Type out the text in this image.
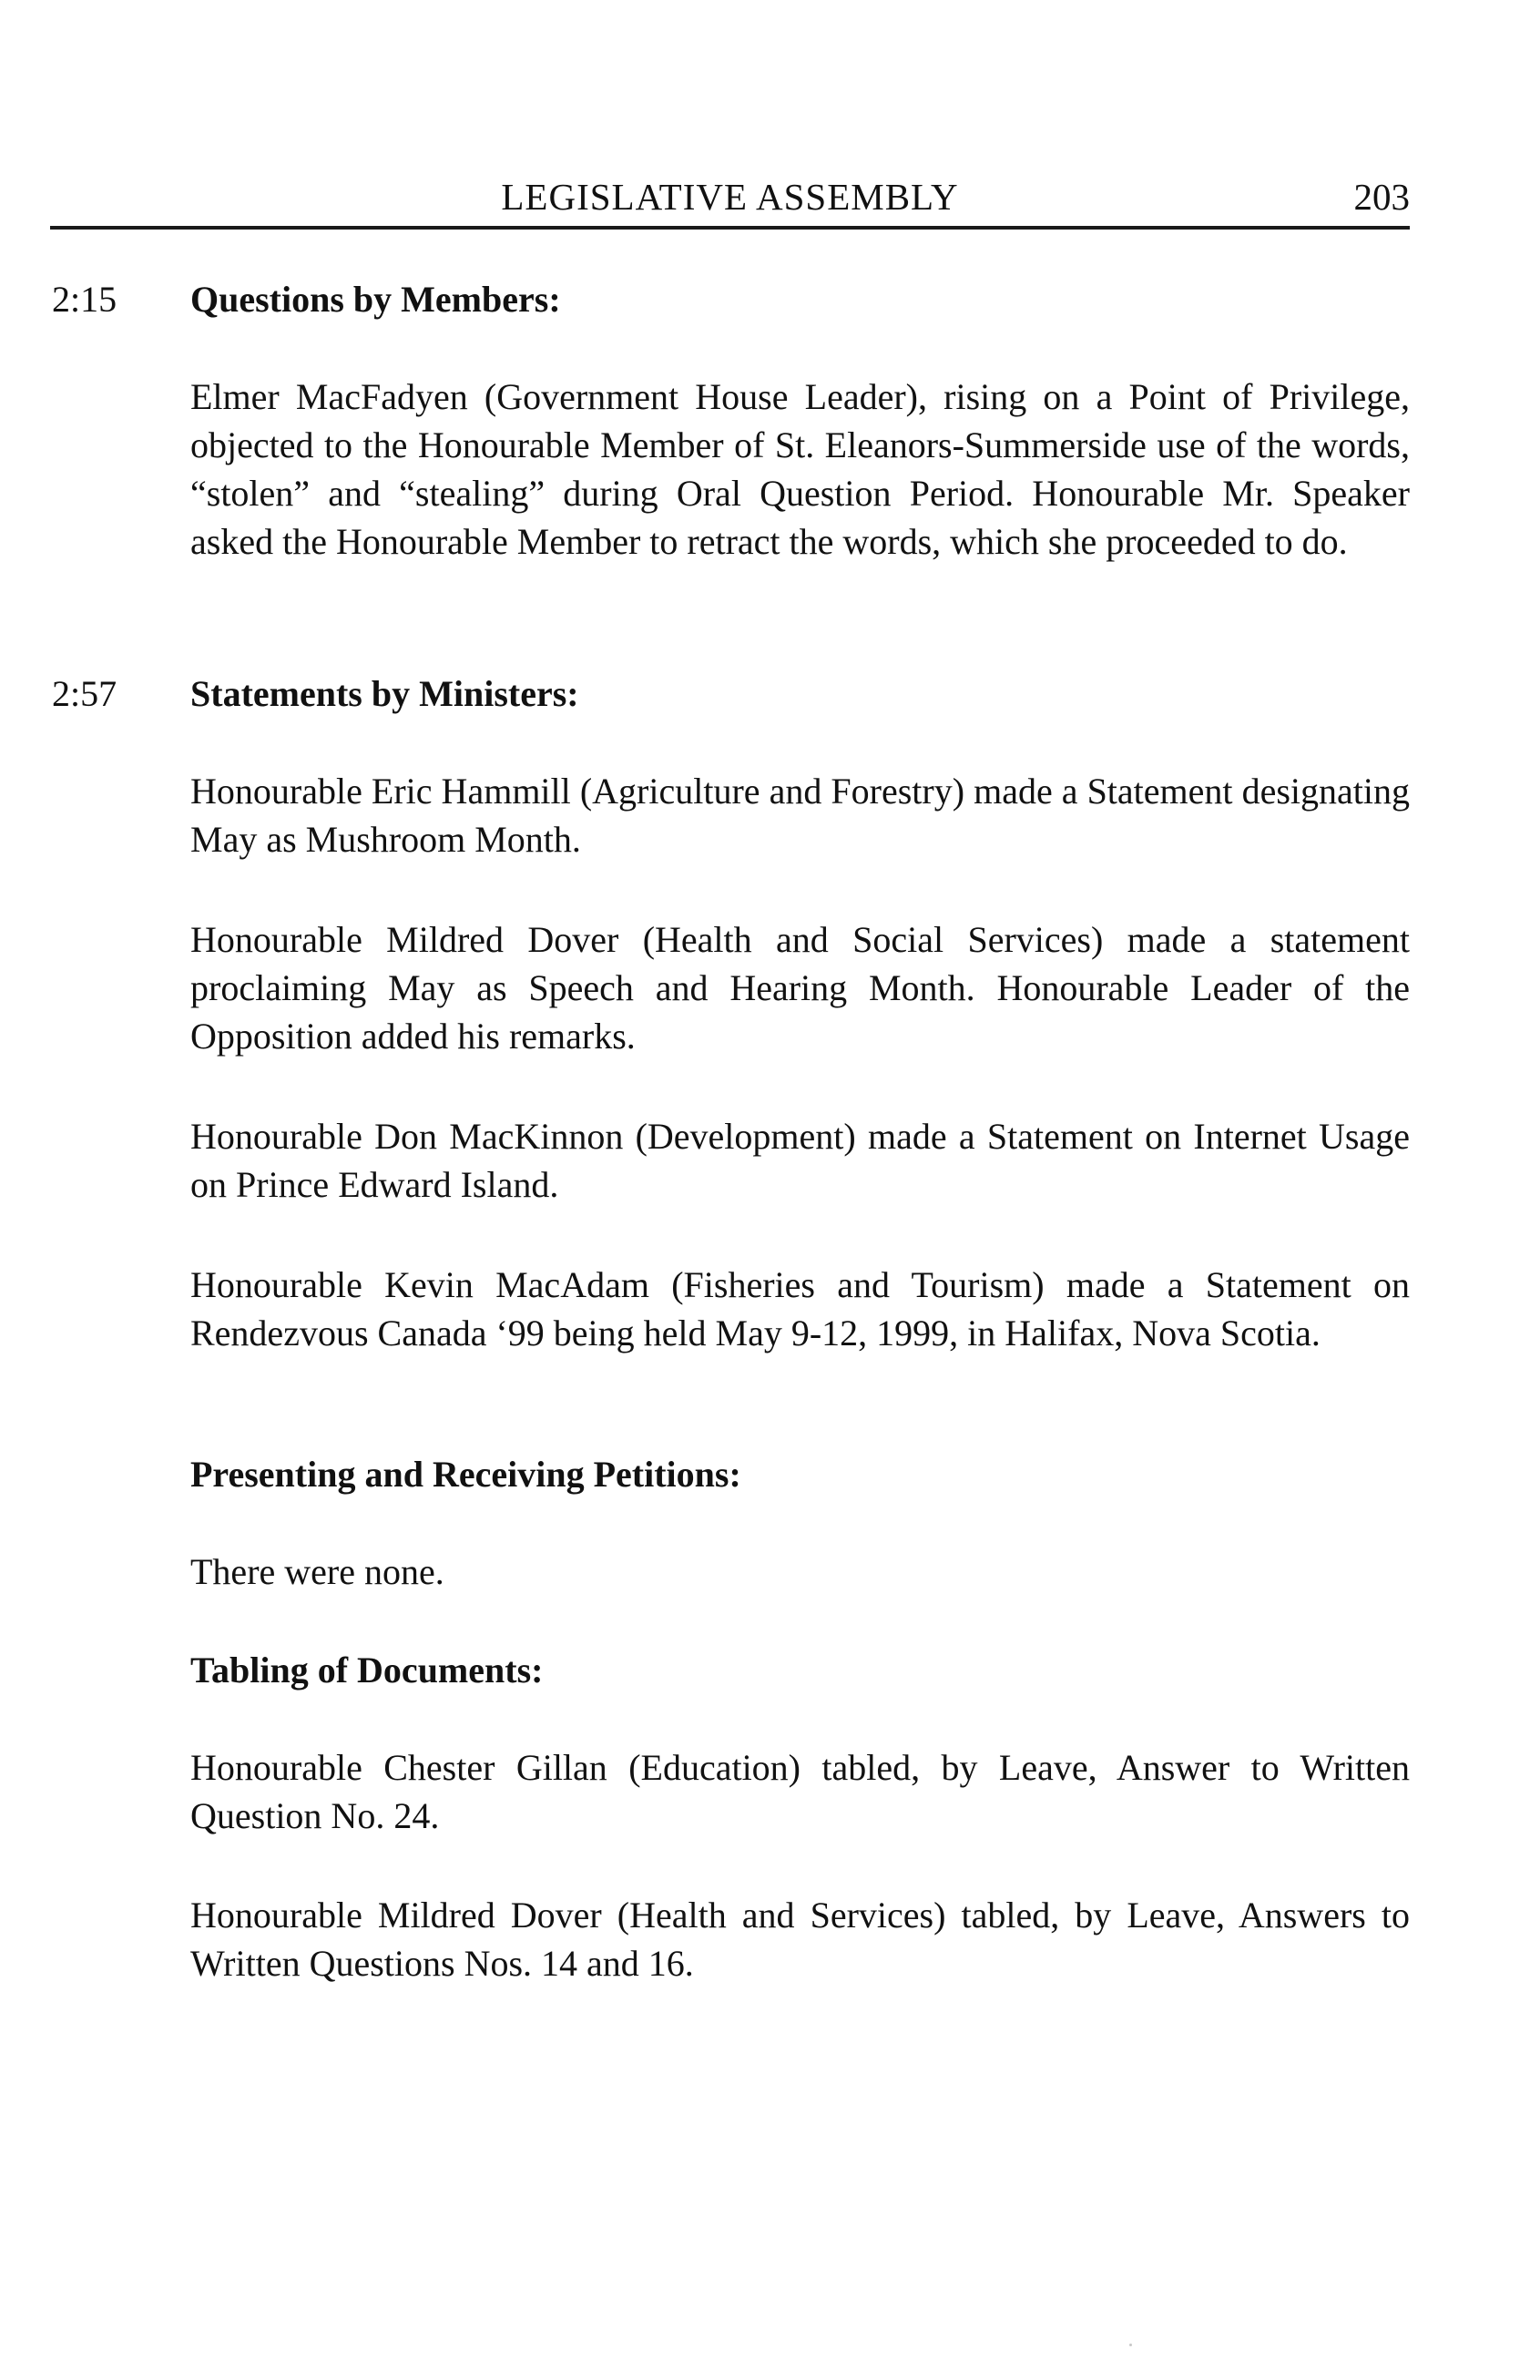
LEGISLATIVE ASSEMBLY	203
2:15 Questions by Members:

Elmer MacFadyen (Government House Leader), rising on a Point of Privilege, objected to the Honourable Member of St. Eleanors-Summerside use of the words, “stolen” and “stealing” during Oral Question Period. Honourable Mr. Speaker asked the Honourable Member to retract the words, which she proceeded to do.

2:57 Statements by Ministers:

Honourable Eric Hammill (Agriculture and Forestry) made a Statement designating May as Mushroom Month.

Honourable Mildred Dover (Health and Social Services) made a statement proclaiming May as Speech and Hearing Month. Honourable Leader of the Opposition added his remarks.

Honourable Don MacKinnon (Development) made a Statement on Internet Usage on Prince Edward Island.

Honourable Kevin MacAdam (Fisheries and Tourism) made a Statement on Rendezvous Canada ‘99 being held May 9-12, 1999, in Halifax, Nova Scotia.

Presenting and Receiving Petitions:

There were none.

Tabling of Documents:

Honourable Chester Gillan (Education) tabled, by Leave, Answer to Written Question No. 24.

Honourable Mildred Dover (Health and Services) tabled, by Leave, Answers to Written Questions Nos. 14 and 16.
